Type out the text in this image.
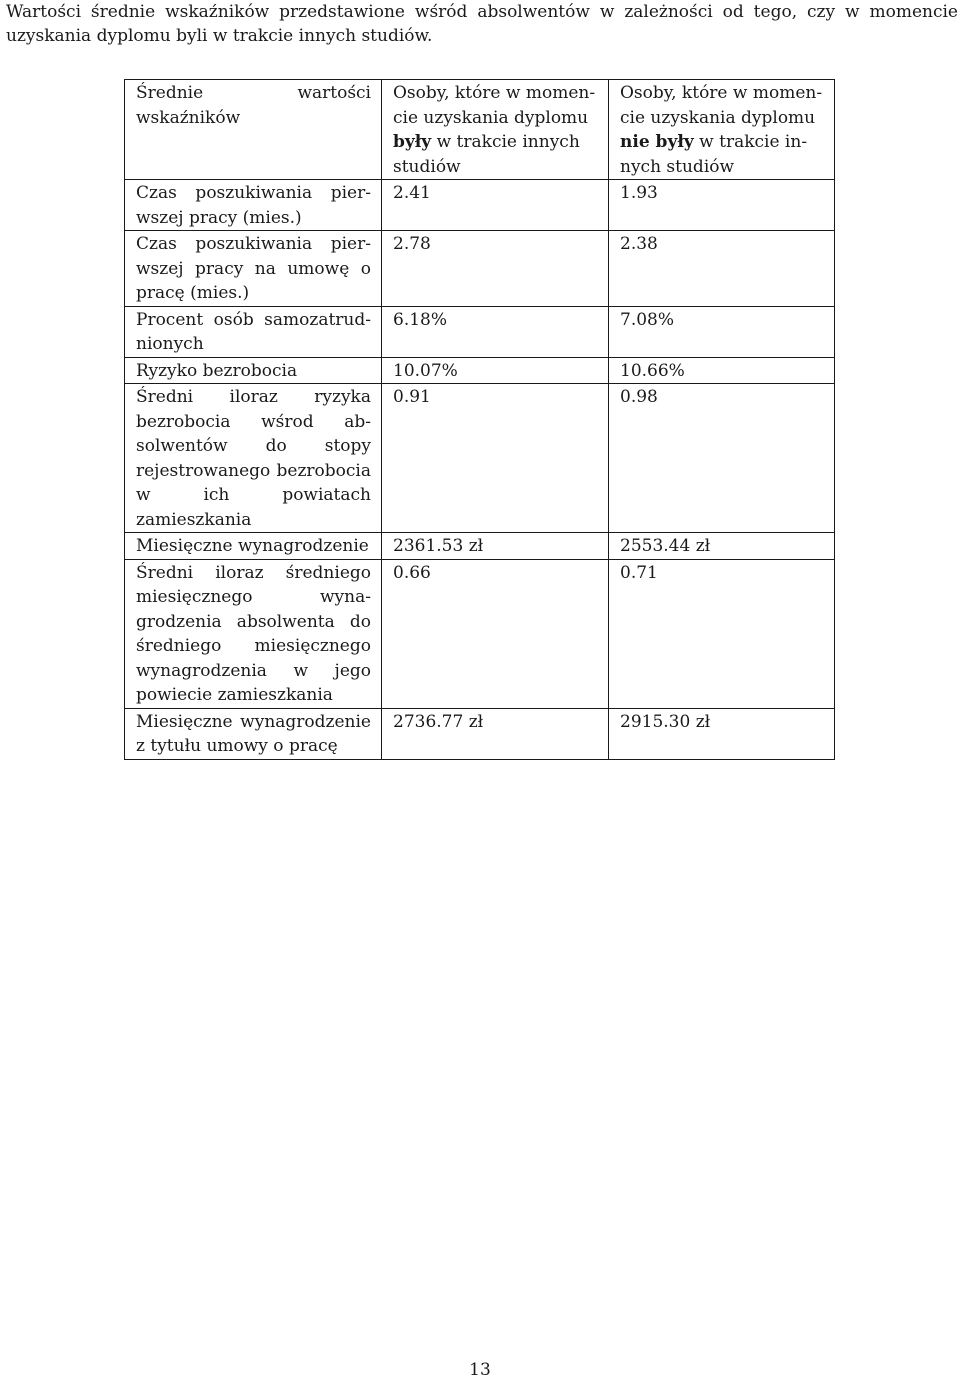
Wartości średnie wskaźników przedstawione wśród absolwentów w zależności od tego, czy w momencie uzyskania dyplomu byli w trakcie innych studiów.

Średnie wartości
wskaźników	Osoby, które w momencie uzyskania dyplomu były w trakcie innych studiów	Osoby, które w momencie uzyskania dyplomu nie były w trakcie innych studiów
Czas poszukiwania pierwszej pracy (mies.)	2.41	1.93
Czas poszukiwania pierwszej pracy na umowę o pracę (mies.)	2.78	2.38
Procent osób samozatrudnionych	6.18%	7.08%
Ryzyko bezrobocia	10.07%	10.66%
Średni iloraz ryzyka bezrobocia wśrod absolwentów do stopy rejestrowanego bezrobocia w ich powiatach zamieszkania	0.91	0.98
Miesięczne wynagrodzenie	2361.53 zł	2553.44 zł
Średni iloraz średniego miesięcznego wynagrodzenia absolwenta do średniego miesięcznego wynagrodzenia w jego powiecie zamieszkania	0.66	0.71
Miesięczne wynagrodzenie z tytułu umowy o pracę	2736.77 zł	2915.30 zł
13
